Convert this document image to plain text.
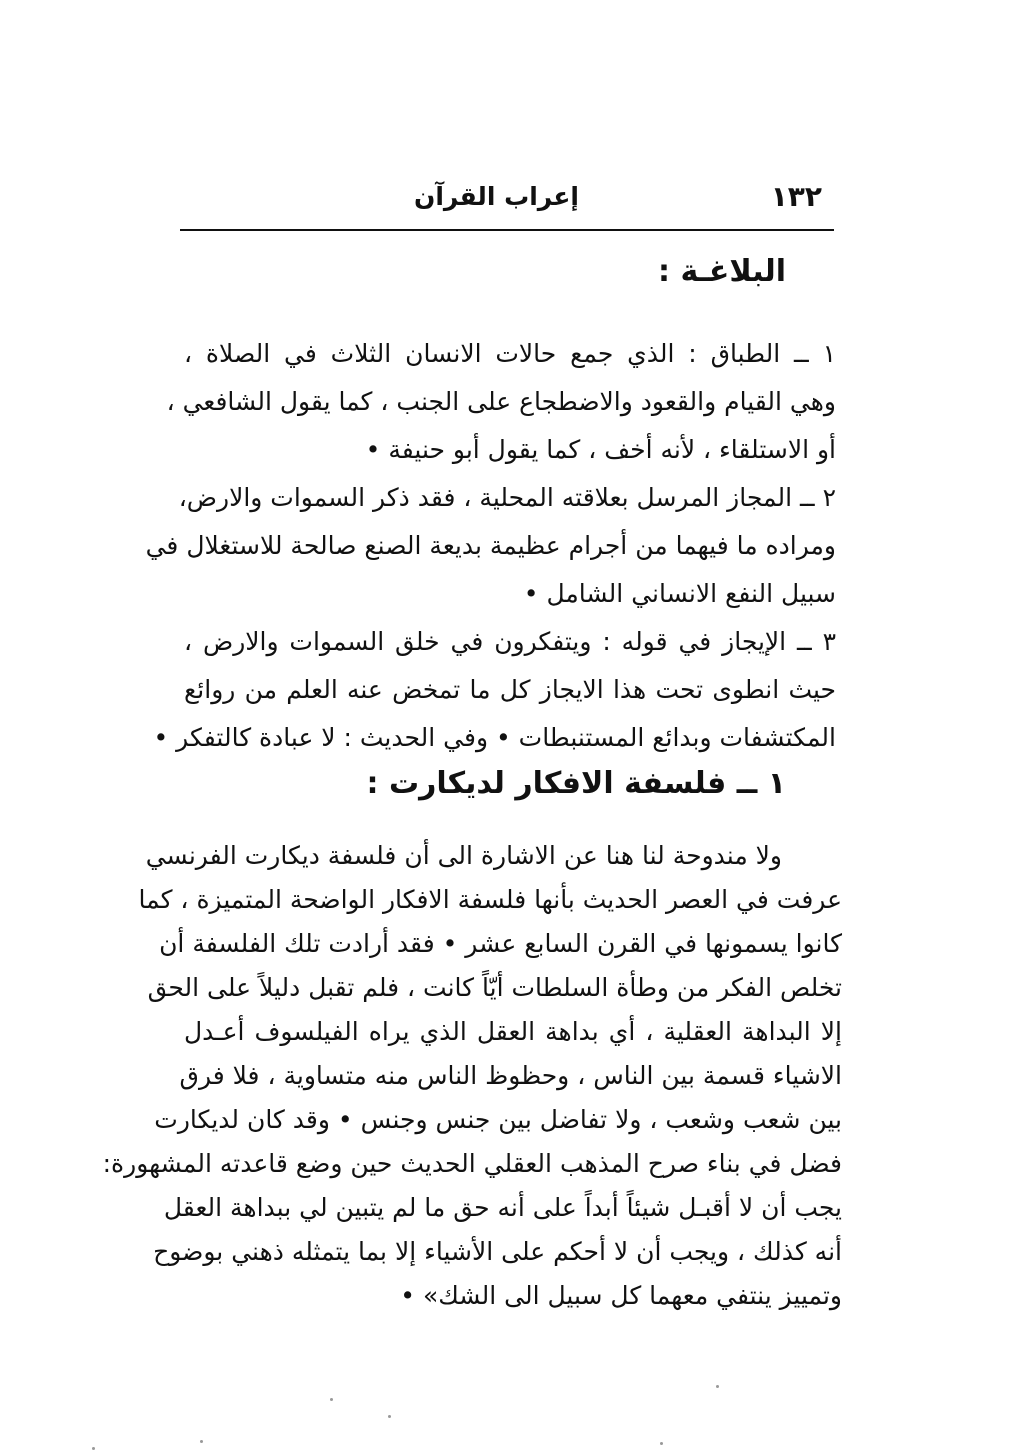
١٣٢
إعراب القرآن
البلاغـة :
١ ــ الطباق : الذي جمع حالات الانسان الثلاث في الصلاة ،
وهي القيام والقعود والاضطجاع على الجنب ، كما يقول الشافعي ،
أو الاستلقاء ، لأنه أخف ، كما يقول أبو حنيفة •
٢ ــ المجاز المرسل بعلاقته المحلية ، فقد ذكر السموات والارض،
ومراده ما فيهما من أجرام عظيمة بديعة الصنع صالحة للاستغلال في
سبيل النفع الانساني الشامل •
٣ ــ الإيجاز في قوله : ويتفكرون في خلق السموات والارض ،
حيث انطوى تحت هذا الايجاز كل ما تمخض عنه العلم من روائع
المكتشفات وبدائع المستنبطات • وفي الحديث : لا عبادة كالتفكر •
١ ــ فلسفة الافكار لديكارت :
ولا مندوحة لنا هنا عن الاشارة الى أن فلسفة ديكارت الفرنسي
عرفت في العصر الحديث بأنها فلسفة الافكار الواضحة المتميزة ، كما
كانوا يسمونها في القرن السابع عشر • فقد أرادت تلك الفلسفة أن
تخلص الفكر من وطأة السلطات أيّاً كانت ، فلم تقبل دليلاً على الحق
إلا البداهة العقلية ، أي بداهة العقل الذي يراه الفيلسوف أعـدل
الاشياء قسمة بين الناس ، وحظوظ الناس منه متساوية ، فلا فرق
بين شعب وشعب ، ولا تفاضل بين جنس وجنس • وقد كان لديكارت
فضل في بناء صرح المذهب العقلي الحديث حين وضع قاعدته المشهورة:
يجب أن لا أقبـل شيئاً أبداً على أنه حق ما لم يتبين لي ببداهة العقل
أنه كذلك ، ويجب أن لا أحكم على الأشياء إلا بما يتمثله ذهني بوضوح
وتمييز ينتفي معهما كل سبيل الى الشك» •
